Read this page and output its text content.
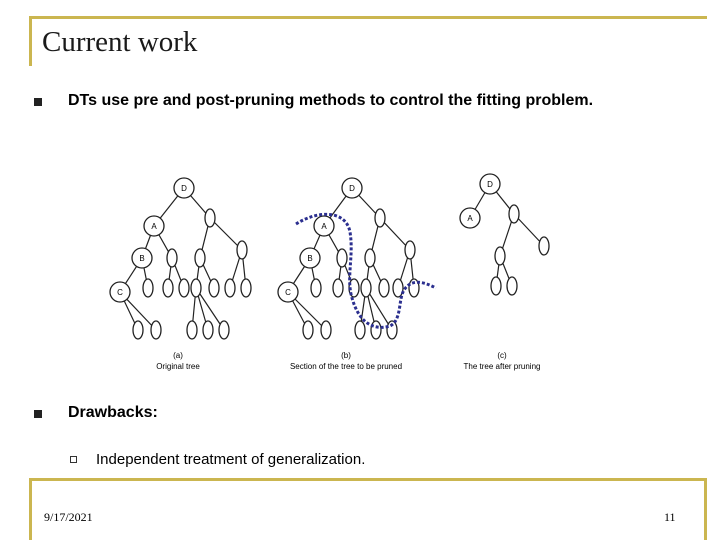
Current work
DTs use pre and post-pruning methods to control the fitting problem.
D
A
B
C
(a)
Original tree
D
A
B
C
(b)
Section of the tree to be pruned
D
A
(c)
The tree after pruning
Drawbacks:
Independent treatment of generalization.
9/17/2021	11
